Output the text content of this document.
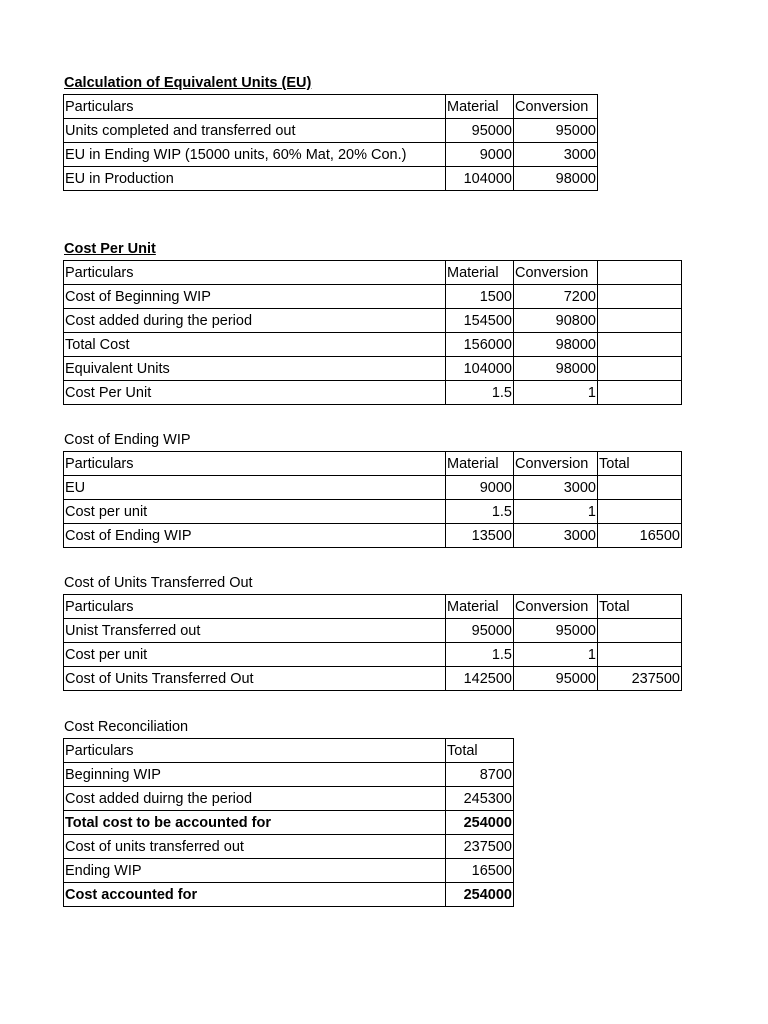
Calculation of Equivalent Units (EU)
Particulars	Material	Conversion
Units completed and transferred out	95000	95000
EU in Ending WIP (15000 units, 60% Mat, 20% Con.)	9000	3000
EU in Production	104000	98000
Cost Per Unit
Particulars	Material	Conversion	
Cost of Beginning WIP	1500	7200	
Cost added during the period	154500	90800	
Total Cost	156000	98000	
Equivalent Units	104000	98000	
Cost Per Unit	1.5	1	
Cost of Ending WIP
Particulars	Material	Conversion	Total
EU	9000	3000	
Cost per unit	1.5	1	
Cost of Ending WIP	13500	3000	16500
Cost of Units Transferred Out
Particulars	Material	Conversion	Total
Unist Transferred out	95000	95000	
Cost per unit	1.5	1	
Cost of Units Transferred Out	142500	95000	237500
Cost Reconciliation
Particulars	Total
Beginning WIP	8700
Cost added duirng the period	245300
Total cost to be accounted for	254000
Cost of units transferred out	237500
Ending WIP	16500
Cost accounted for	254000
